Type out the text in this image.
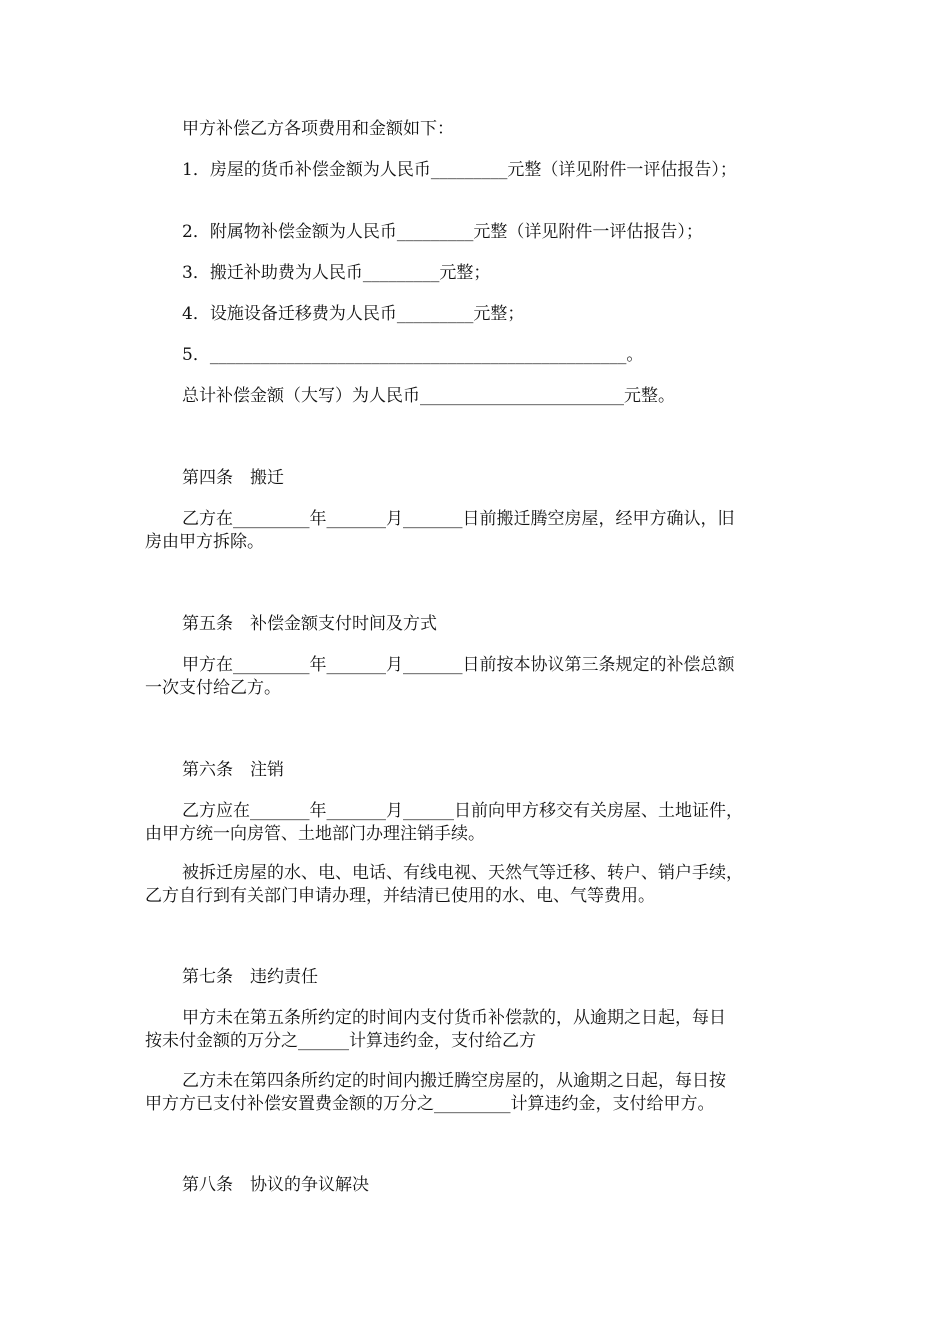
甲方补偿乙方各项费用和金额如下：
1．房屋的货币补偿金额为人民币_________元整（详见附件一评估报告）；
2．附属物补偿金额为人民币_________元整（详见附件一评估报告）；
3．搬迁补助费为人民币_________元整；
4．设施设备迁移费为人民币_________元整；
5．_________________________________________________。
总计补偿金额（大写）为人民币________________________元整。
第四条　搬迁
乙方在_________年_______月_______日前搬迁腾空房屋，经甲方确认，旧
房由甲方拆除。
第五条　补偿金额支付时间及方式
甲方在_________年_______月_______日前按本协议第三条规定的补偿总额
一次支付给乙方。
第六条　注销
乙方应在_______年_______月______日前向甲方移交有关房屋、土地证件，
由甲方统一向房管、土地部门办理注销手续。
被拆迁房屋的水、电、电话、有线电视、天然气等迁移、转户、销户手续，
乙方自行到有关部门申请办理，并结清已使用的水、电、气等费用。
第七条　违约责任
甲方未在第五条所约定的时间内支付货币补偿款的，从逾期之日起，每日
按未付金额的万分之______计算违约金，支付给乙方
乙方未在第四条所约定的时间内搬迁腾空房屋的，从逾期之日起，每日按
甲方方已支付补偿安置费金额的万分之_________计算违约金，支付给甲方。
第八条　协议的争议解决
